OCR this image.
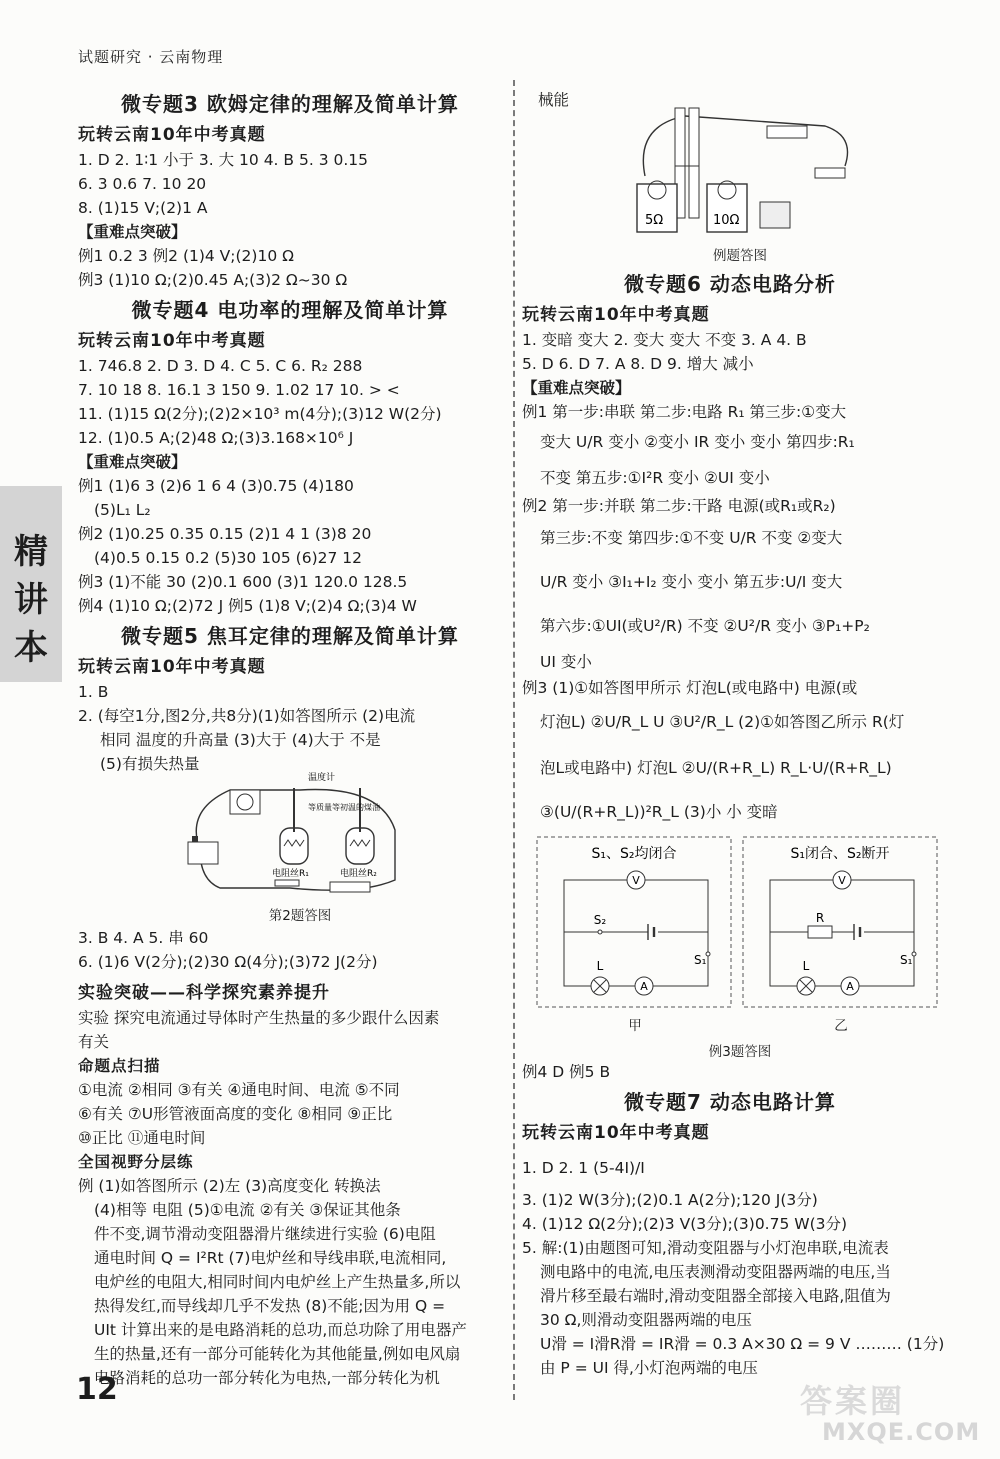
试题研究 · 云南物理
精
讲
本
微专题3 欧姆定律的理解及简单计算
玩转云南10年中考真题
1. D 2. 1∶1 小于 3. 大 10 4. B 5. 3 0.15
6. 3 0.6 7. 10 20
8. (1)15 V;(2)1 A
【重难点突破】
例1 0.2 3 例2 (1)4 V;(2)10 Ω
例3 (1)10 Ω;(2)0.45 A;(3)2 Ω~30 Ω
微专题4 电功率的理解及简单计算
玩转云南10年中考真题
1. 746.8 2. D 3. D 4. C 5. C 6. R₂ 288
7. 10 18 8. 16.1 3 150 9. 1.02 17 10. > <
11. (1)15 Ω(2分);(2)2×10³ m(4分);(3)12 W(2分)
12. (1)0.5 A;(2)48 Ω;(3)3.168×10⁶ J
【重难点突破】
例1 (1)6 3 (2)6 1 6 4 (3)0.75 (4)180
(5)L₁ L₂
例2 (1)0.25 0.35 0.15 (2)1 4 1 (3)8 20
(4)0.5 0.15 0.2 (5)30 105 (6)27 12
例3 (1)不能 30 (2)0.1 600 (3)1 120.0 128.5
例4 (1)10 Ω;(2)72 J 例5 (1)8 V;(2)4 Ω;(3)4 W
微专题5 焦耳定律的理解及简单计算
玩转云南10年中考真题
1. B
2. (每空1分,图2分,共8分)(1)如答图所示 (2)电流
相同 温度的升高量 (3)大于 (4)大于 不是
(5)有损失热量
温度计
等质量等初温的煤油
电阻丝R₁	电阻丝R₂
第2题答图
3. B 4. A 5. 串 60
6. (1)6 V(2分);(2)30 Ω(4分);(3)72 J(2分)
实验突破——科学探究素养提升
实验 探究电流通过导体时产生热量的多少跟什么因素
有关
命题点扫描
①电流 ②相同 ③有关 ④通电时间、电流 ⑤不同
⑥有关 ⑦U形管液面高度的变化 ⑧相同 ⑨正比
⑩正比 ⑪通电时间
全国视野分层练
例 (1)如答图所示 (2)左 (3)高度变化 转换法
(4)相等 电阻 (5)①电流 ②有关 ③保证其他条
件不变,调节滑动变阻器滑片继续进行实验 (6)电阻
通电时间 Q = I²Rt (7)电炉丝和导线串联,电流相同,
电炉丝的电阻大,相同时间内电炉丝上产生热量多,所以
热得发红,而导线却几乎不发热 (8)不能;因为用 Q =
UIt 计算出来的是电路消耗的总功,而总功除了用电器产
生的热量,还有一部分可能转化为其他能量,例如电风扇
电路消耗的总功一部分转化为电热,一部分转化为机
12
械能
5Ω	10Ω
例题答图
微专题6 动态电路分析
玩转云南10年中考真题
1. 变暗 变大 2. 变大 变大 不变 3. A 4. B
5. D 6. D 7. A 8. D 9. 增大 减小
【重难点突破】
例1 第一步:串联 第二步:电路 R₁ 第三步:①变大
变大 U/R 变小 ②变小 IR 变小 变小 第四步:R₁
不变 第五步:①I²R 变小 ②UI 变小
例2 第一步:并联 第二步:干路 电源(或R₁或R₂)
第三步:不变 第四步:①不变 U/R 不变 ②变大
U/R 变小 ③I₁+I₂ 变小 变小 第五步:U/I 变大
第六步:①UI(或U²/R) 不变 ②U²/R 变小 ③P₁+P₂
UI 变小
例3 (1)①如答图甲所示 灯泡L(或电路中) 电源(或
灯泡L) ②U/R_L U ③U²/R_L (2)①如答图乙所示 R(灯
泡L或电路中) 灯泡L ②U/(R+R_L) R_L·U/(R+R_L)
③(U/(R+R_L))²R_L (3)小 小 变暗
S₁、S₂均闭合
V
S₂
S₁
L
A
甲
S₁闭合、S₂断开
V
R
S₁
L
A
乙
例3题答图
例4 D 例5 B
微专题7 动态电路计算
玩转云南10年中考真题
1. D 2. 1 (5-4I)/I
3. (1)2 W(3分);(2)0.1 A(2分);120 J(3分)
4. (1)12 Ω(2分);(2)3 V(3分);(3)0.75 W(3分)
5. 解:(1)由题图可知,滑动变阻器与小灯泡串联,电流表
测电路中的电流,电压表测滑动变阻器两端的电压,当
滑片移至最右端时,滑动变阻器全部接入电路,阻值为
30 Ω,则滑动变阻器两端的电压
U滑 = I滑R滑 = IR滑 = 0.3 A×30 Ω = 9 V ……… (1分)
由 P = UI 得,小灯泡两端的电压
答案圈
MXQE.COM
